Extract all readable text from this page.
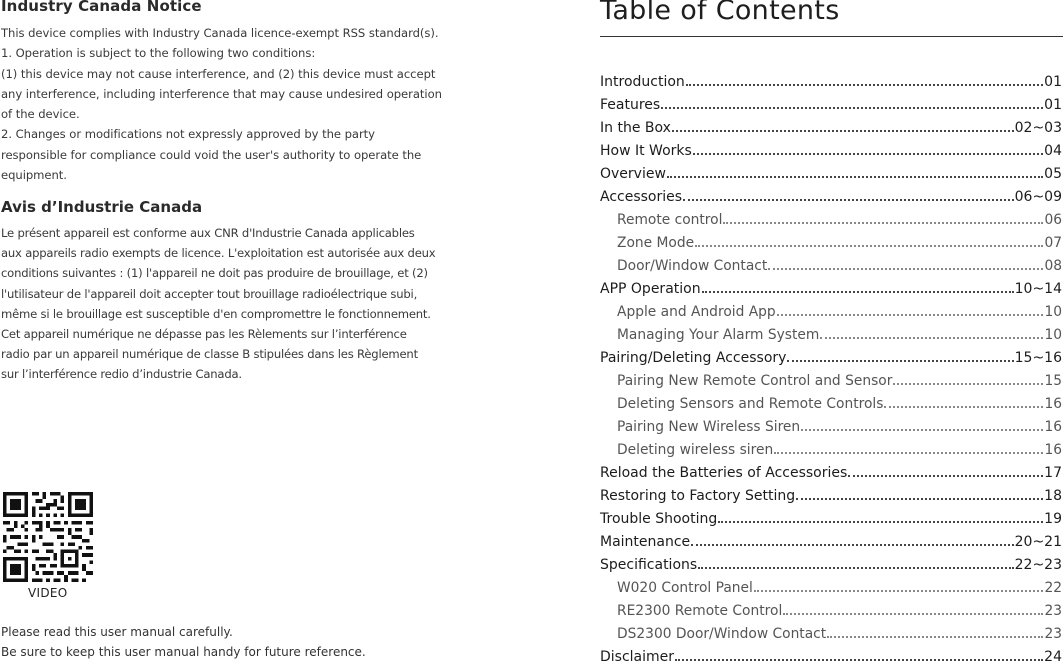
Industry Canada Notice

This device complies with Industry Canada licence-exempt RSS standard(s).
1. Operation is subject to the following two conditions:
(1) this device may not cause interference, and (2) this device must accept
any interference, including interference that may cause undesired operation
of the device.
2. Changes or modifications not expressly approved by the party
responsible for compliance could void the user's authority to operate the
equipment.

Avis d’Industrie Canada

Le présent appareil est conforme aux CNR d'Industrie Canada applicables
aux appareils radio exempts de licence. L'exploitation est autorisée aux deux
conditions suivantes : (1) l'appareil ne doit pas produire de brouillage, et (2)
l'utilisateur de l'appareil doit accepter tout brouillage radioélectrique subi,
même si le brouillage est susceptible d'en compromettre le fonctionnement.
Cet appareil numérique ne dépasse pas les Rèlements sur l’interférence
radio par un appareil numérique de classe B stipulées dans les Règlement
sur l’interférence redio d’industrie Canada.

VIDEO

Please read this user manual carefully.
Be sure to keep this user manual handy for future reference.

Table of Contents
Introduction	01
Features	01
In the Box	02~03
How It Works	04
Overview	05
Accessories	06~09
Remote control	06
Zone Mode	07
Door/Window Contact	08
APP Operation	10~14
Apple and Android App	10
Managing Your Alarm System	10
Pairing/Deleting Accessory	15~16
Pairing New Remote Control and Sensor	15
Deleting Sensors and Remote Controls	16
Pairing New Wireless Siren	16
Deleting wireless siren	16
Reload the Batteries of Accessories	17
Restoring to Factory Setting	18
Trouble Shooting	19
Maintenance	20~21
Specifications	22~23
W020 Control Panel	22
RE2300 Remote Control	23
DS2300 Door/Window Contact	23
Disclaimer	24
